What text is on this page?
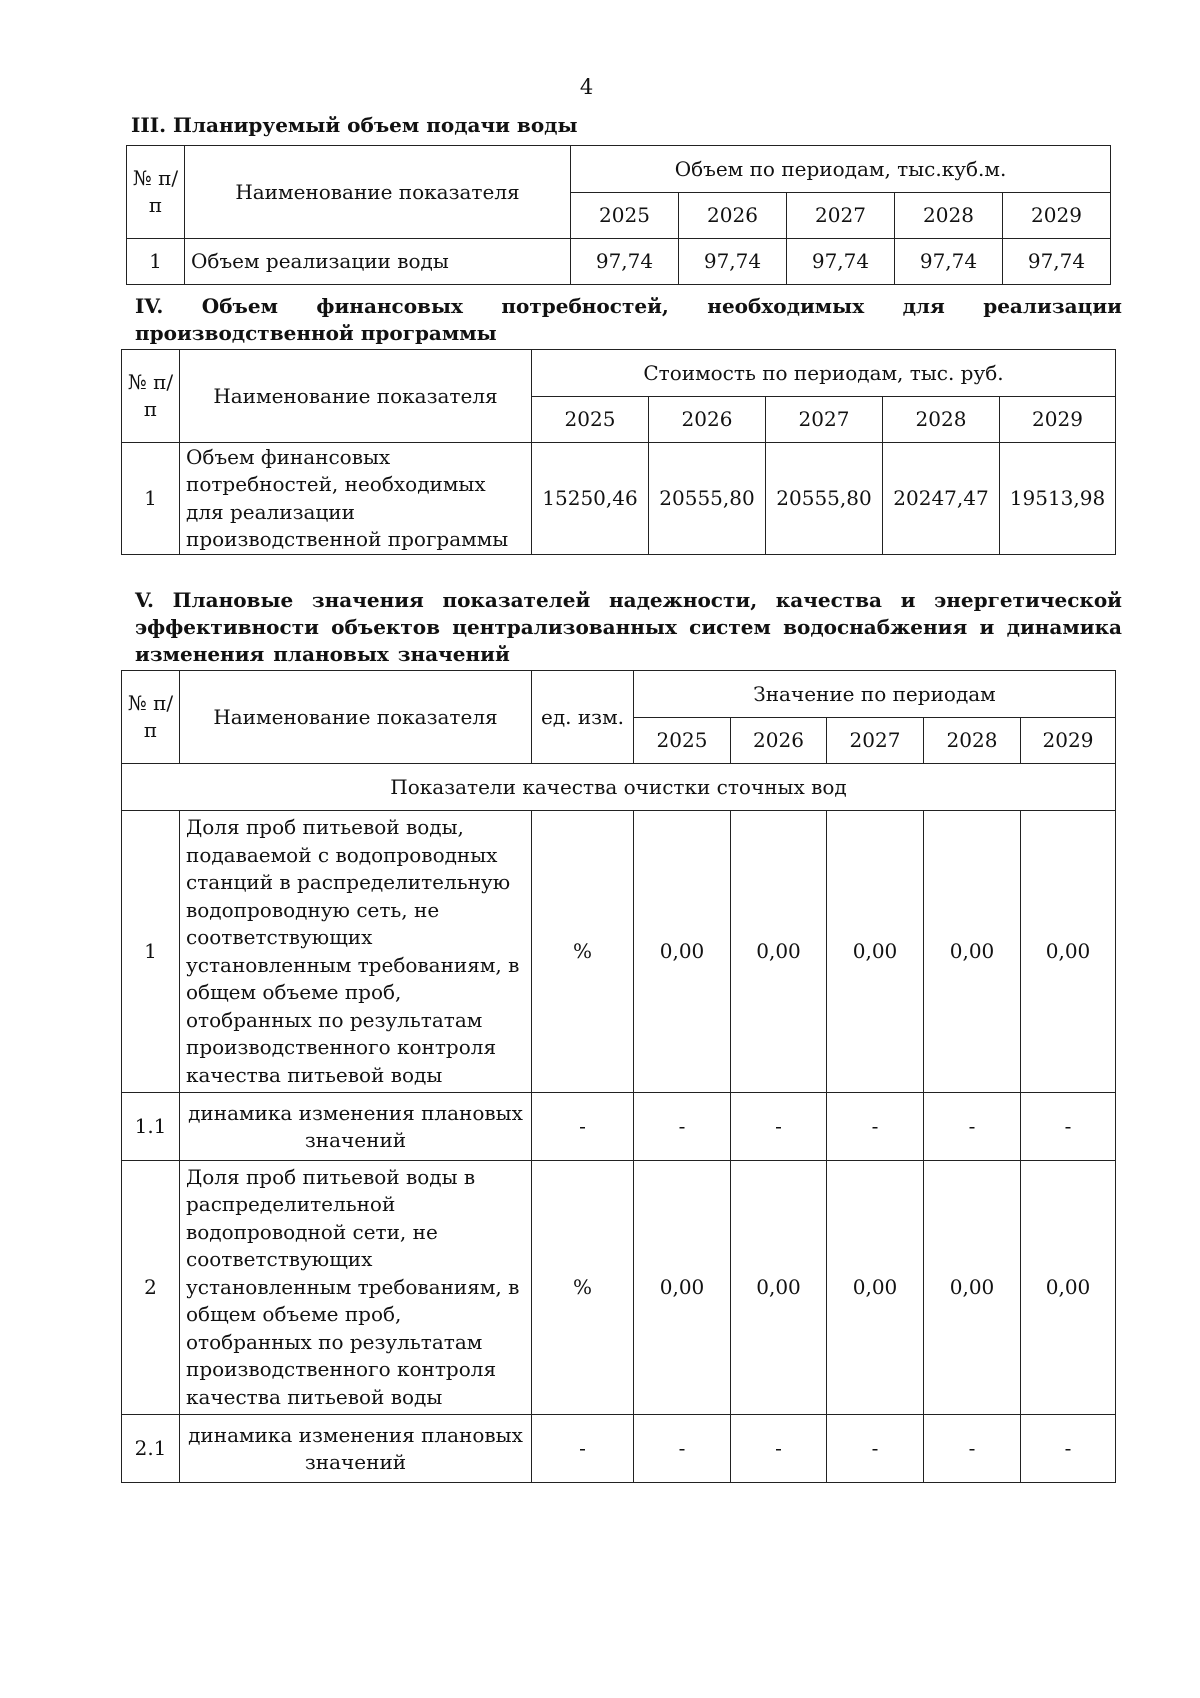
4
III. Планируемый объем подачи воды
№ п/п	Наименование показателя	Объем по периодам, тыс.куб.м.				
		2025	2026	2027	2028	2029
1	Объем реализации воды	97,74	97,74	97,74	97,74	97,74
IV. Объем финансовых потребностей, необходимых для реализации производственной программы
№ п/п	Наименование показателя	Стоимость по периодам, тыс. руб.				
		2025	2026	2027	2028	2029
1	Объем финансовых потребностей, необходимых для реализации производственной программы	15250,46	20555,80	20555,80	20247,47	19513,98
V. Плановые значения показателей надежности, качества и энергетической эффективности объектов централизованных систем водоснабжения и динамика изменения плановых значений
№ п/п	Наименование показателя	ед. изм.	Значение по периодам				
			2025	2026	2027	2028	2029
Показатели качества очистки сточных вод							
1	Доля проб питьевой воды, подаваемой с водопроводных станций в распределительную водопроводную сеть, не соответствующих установленным требованиям, в общем объеме проб, отобранных по результатам производственного контроля качества питьевой воды	%	0,00	0,00	0,00	0,00	0,00
1.1	динамика изменения плановых значений	-	-	-	-	-	-
2	Доля проб питьевой воды в распределительной водопроводной сети, не соответствующих установленным требованиям, в общем объеме проб, отобранных по результатам производственного контроля качества питьевой воды	%	0,00	0,00	0,00	0,00	0,00
2.1	динамика изменения плановых значений	-	-	-	-	-	-
